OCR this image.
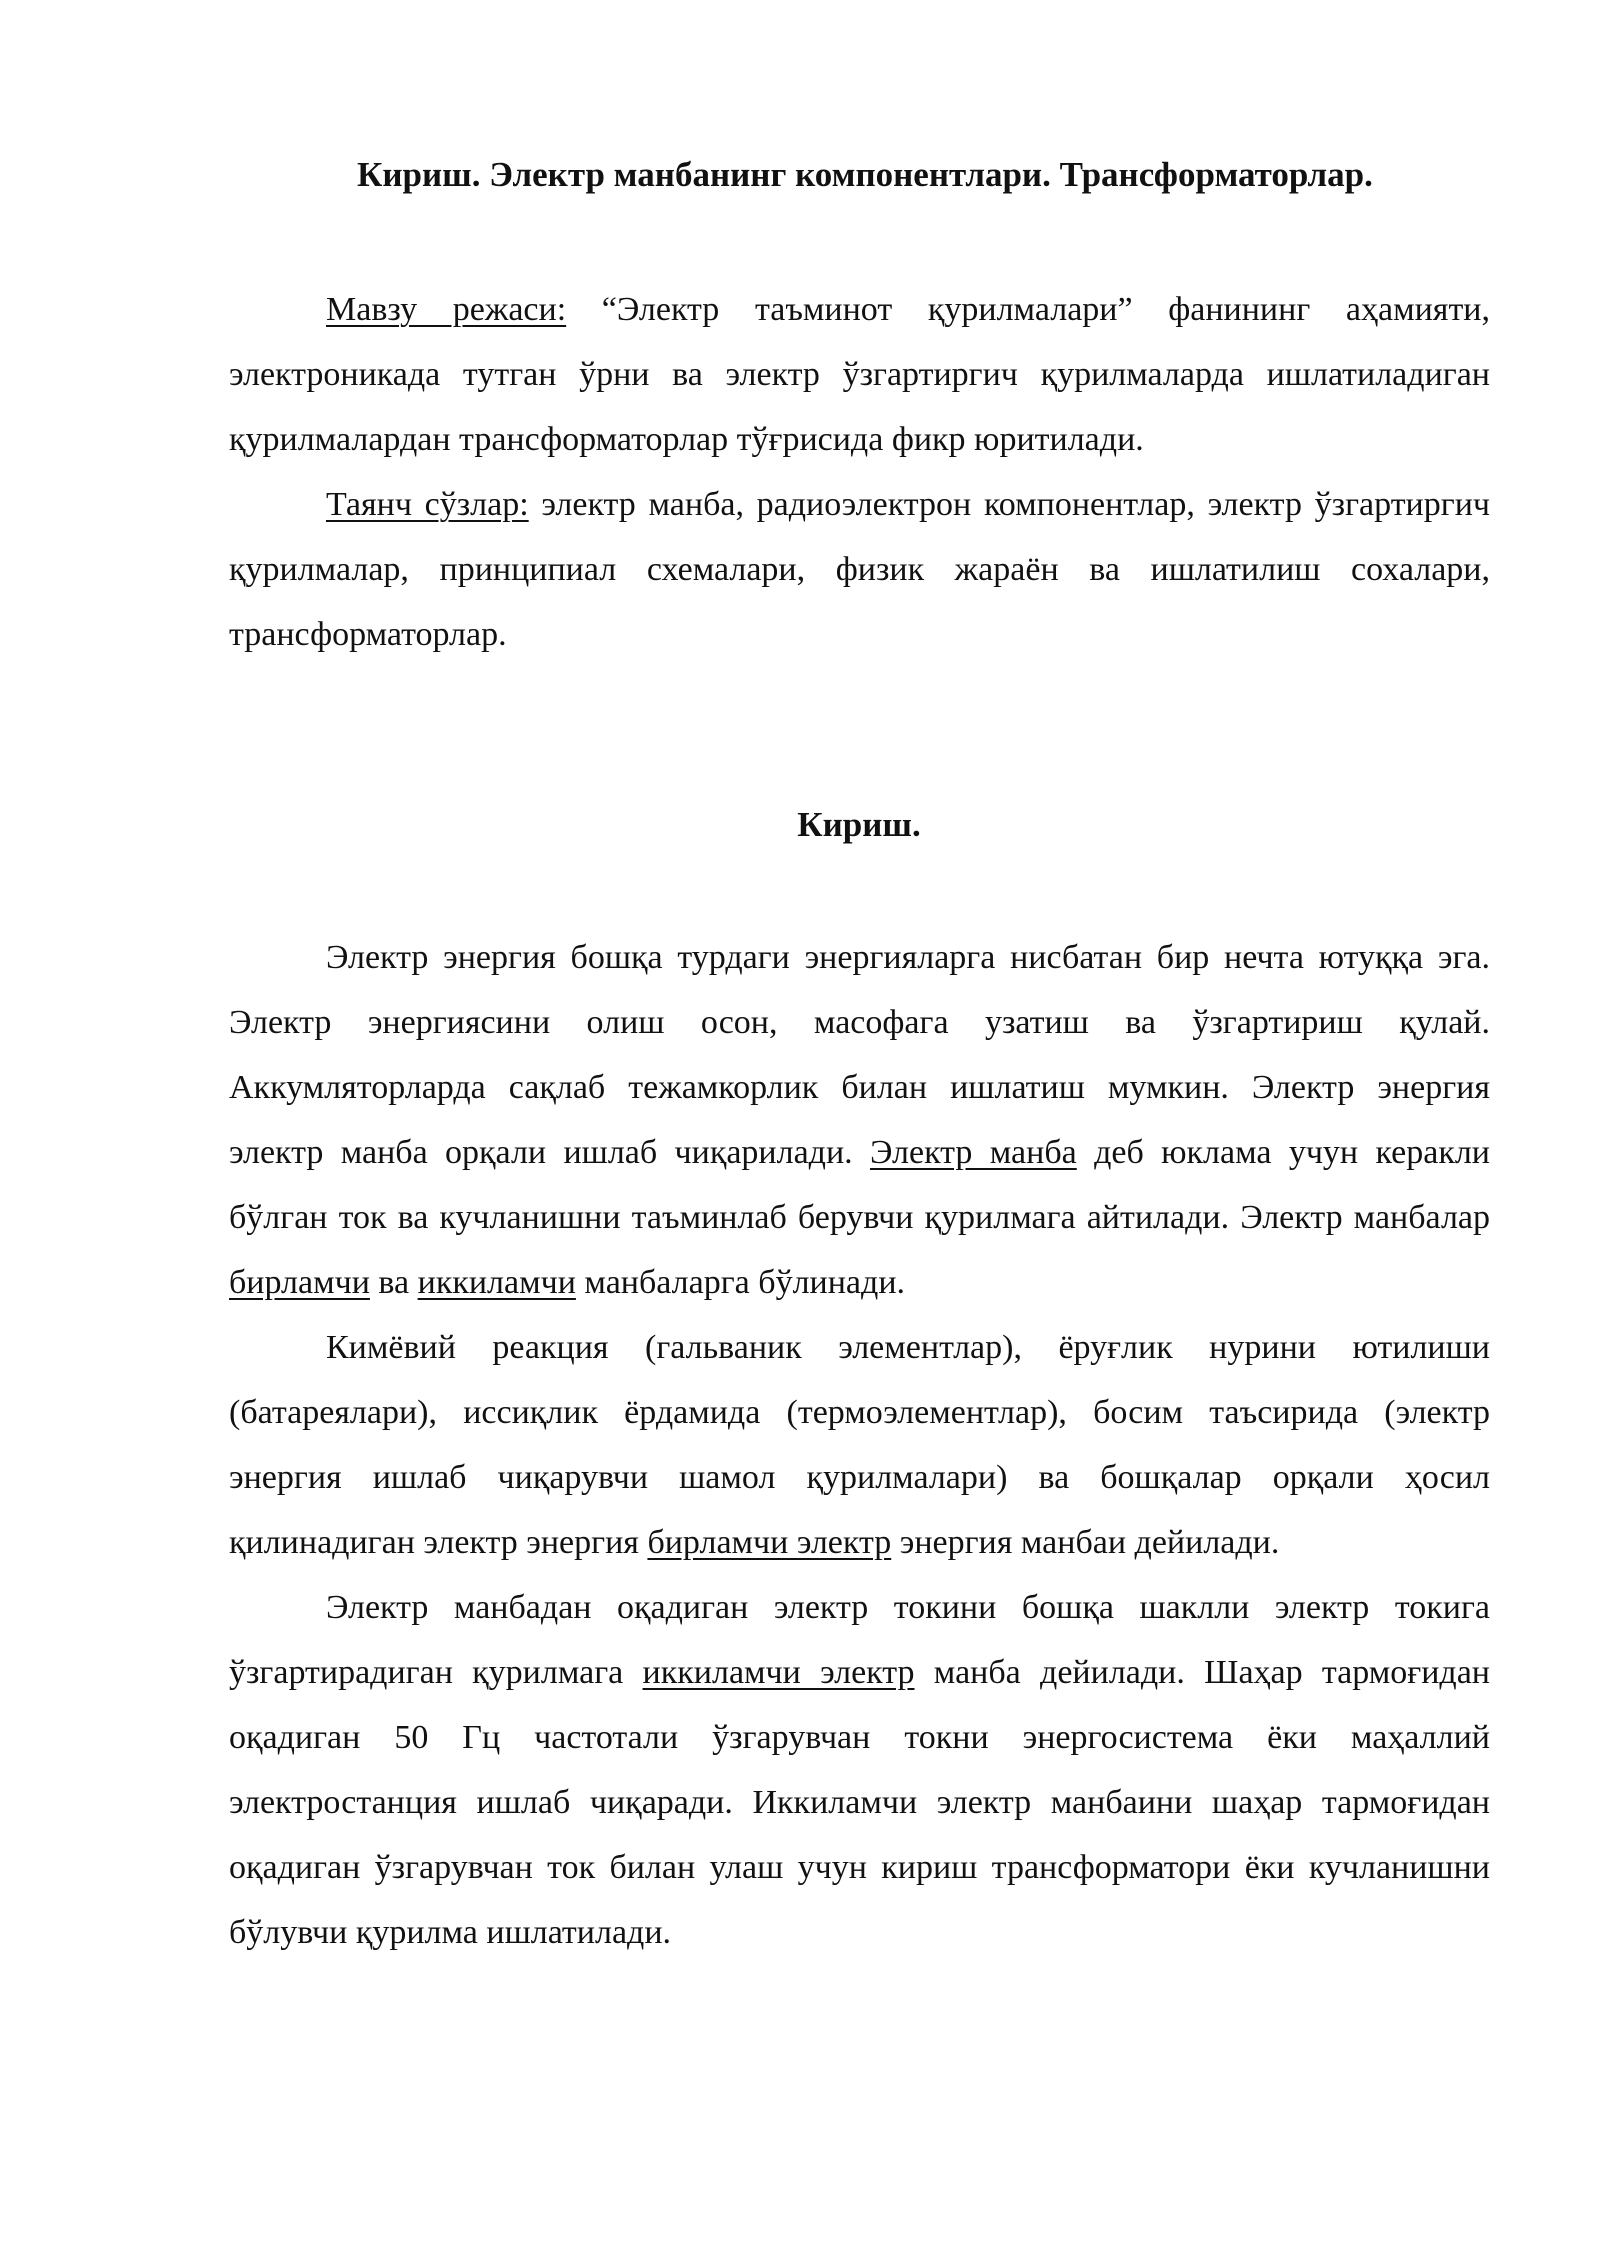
Кириш. Электр манбанинг компонентлари. Трансформаторлар.

Мавзу режаси: “Электр таъминот қурилмалари” фанининг аҳамияти, электроникада тутган ўрни ва электр ўзгартиргич қурилмаларда ишлатиладиган қурилмалардан трансформаторлар тўғрисида фикр юритилади.

Таянч сўзлар: электр манба, радиоэлектрон компонентлар, электр ўзгартиргич қурилмалар, принципиал схемалари, физик жараён ва ишлатилиш сохалари, трансформаторлар.

Кириш.

Электр энергия бошқа турдаги энергияларга нисбатан бир нечта ютуққа эга. Электр энергиясини олиш осон, масофага узатиш ва ўзгартириш қулай. Аккумляторларда сақлаб тежамкорлик билан ишлатиш мумкин. Электр энергия электр манба орқали ишлаб чиқарилади. Электр манба деб юклама учун керакли бўлган ток ва кучланишни таъминлаб берувчи қурилмага айтилади. Электр манбалар бирламчи ва иккиламчи манбаларга бўлинади.

Кимёвий реакция (гальваник элементлар), ёруғлик нурини ютилиши (батареялари), иссиқлик ёрдамида (термоэлементлар), босим таъсирида (электр энергия ишлаб чиқарувчи шамол қурилмалари) ва бошқалар орқали ҳосил қилинадиган электр энергия бирламчи электр энергия манбаи дейилади.

Электр манбадан оқадиган электр токини бошқа шаклли электр токига ўзгартирадиган қурилмага иккиламчи электр манба дейилади. Шаҳар тармоғидан оқадиган 50 Гц частотали ўзгарувчан токни энергосистема ёки маҳаллий электростанция ишлаб чиқаради. Иккиламчи электр манбаини шаҳар тармоғидан оқадиган ўзгарувчан ток билан улаш учун кириш трансформатори ёки кучланишни бўлувчи қурилма ишлатилади.
